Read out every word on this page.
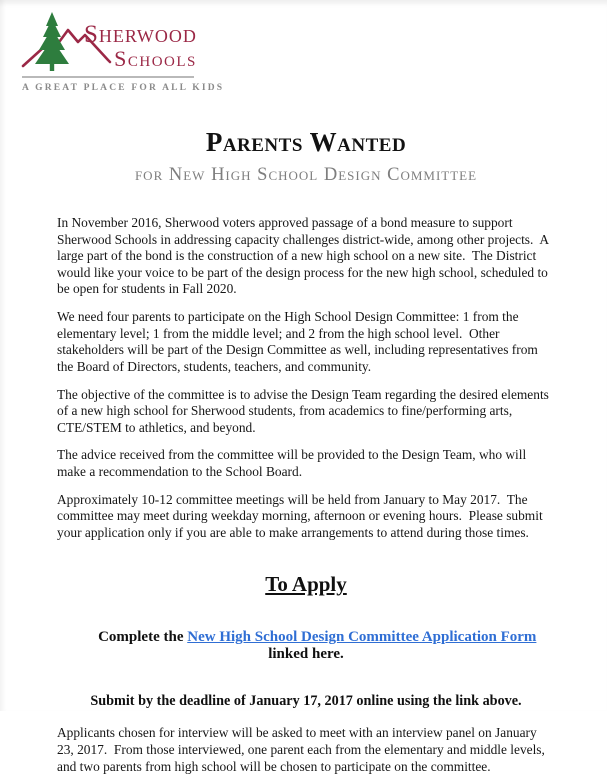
Sherwood
Schools
A GREAT PLACE FOR ALL KIDS
Parents Wanted
for New High School Design Committee

In November 2016, Sherwood voters approved passage of a bond measure to support Sherwood Schools in addressing capacity challenges district-wide, among other projects.  A large part of the bond is the construction of a new high school on a new site.  The District would like your voice to be part of the design process for the new high school, scheduled to be open for students in Fall 2020.

We need four parents to participate on the High School Design Committee: 1 from the elementary level; 1 from the middle level; and 2 from the high school level.  Other stakeholders will be part of the Design Committee as well, including representatives from the Board of Directors, students, teachers, and community.

The objective of the committee is to advise the Design Team regarding the desired elements of a new high school for Sherwood students, from academics to fine/performing arts, CTE/STEM to athletics, and beyond.

The advice received from the committee will be provided to the Design Team, who will make a recommendation to the School Board.

Approximately 10-12 committee meetings will be held from January to May 2017.  The committee may meet during weekday morning, afternoon or evening hours.  Please submit your application only if you are able to make arrangements to attend during those times.

To Apply

Complete the New High School Design Committee Application Form linked here.

Submit by the deadline of January 17, 2017 online using the link above.

Applicants chosen for interview will be asked to meet with an interview panel on January 23, 2017.  From those interviewed, one parent each from the elementary and middle levels, and two parents from high school will be chosen to participate on the committee.
